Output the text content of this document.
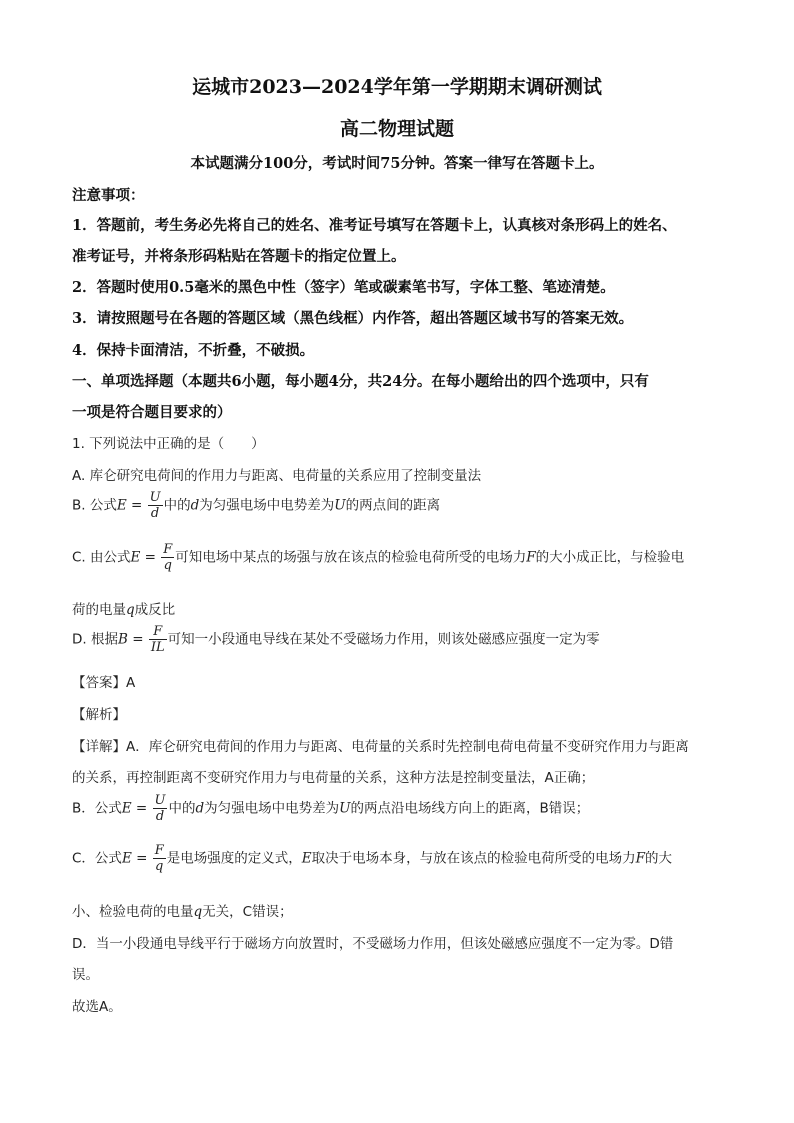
运城市2023—2024学年第一学期期末调研测试
高二物理试题
本试题满分100分，考试时间75分钟。答案一律写在答题卡上。
注意事项：
1．答题前，考生务必先将自己的姓名、准考证号填写在答题卡上，认真核对条形码上的姓名、
准考证号，并将条形码粘贴在答题卡的指定位置上。
2．答题时使用0.5毫米的黑色中性（签字）笔或碳素笔书写，字体工整、笔迹清楚。
3．请按照题号在各题的答题区域（黑色线框）内作答，超出答题区域书写的答案无效。
4．保持卡面清洁，不折叠，不破损。
一、单项选择题（本题共6小题，每小题4分，共24分。在每小题给出的四个选项中，只有
一项是符合题目要求的）
1. 下列说法中正确的是（　　）
A. 库仑研究电荷间的作用力与距离、电荷量的关系应用了控制变量法
B. 公式$E = \frac{U}{d}$ 中的d为匀强电场中电势差为U的两点间的距离
C. 由公式$E = \frac{F}{q}$ 可知电场中某点的场强与放在该点的检验电荷所受的电场力F的大小成正比，与检验电
荷的电量q成反比
D. 根据$B = \frac{F}{IL}$ 可知一小段通电导线在某处不受磁场力作用，则该处磁感应强度一定为零
【答案】A
【解析】
【详解】A．库仑研究电荷间的作用力与距离、电荷量的关系时先控制电荷电荷量不变研究作用力与距离
的关系，再控制距离不变研究作用力与电荷量的关系，这种方法是控制变量法，A正确；
B．公式$E = \frac{U}{d}$ 中的d为匀强电场中电势差为U的两点沿电场线方向上的距离，B错误；
C．公式$E = \frac{F}{q}$ 是电场强度的定义式，E取决于电场本身，与放在该点的检验电荷所受的电场力F的大
小、检验电荷的电量q无关，C错误；
D．当一小段通电导线平行于磁场方向放置时，不受磁场力作用，但该处磁感应强度不一定为零。D错
误。
故选A。
